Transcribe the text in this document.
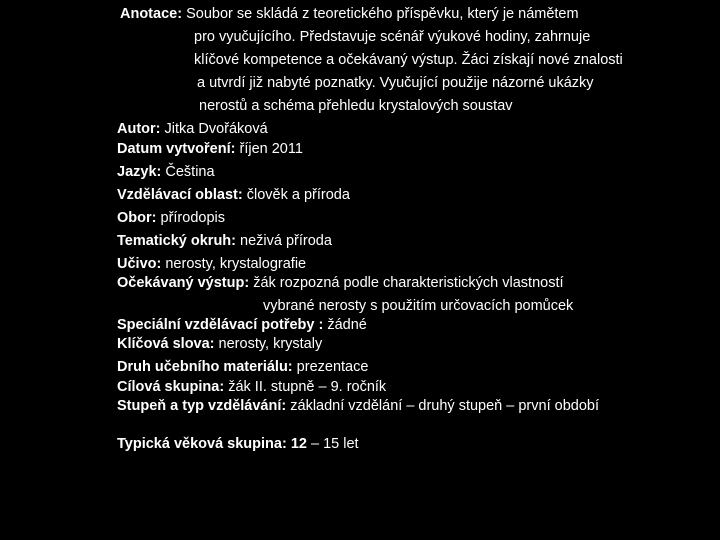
Anotace: Soubor se skládá z teoretického příspěvku, který je námětem
pro vyučujícího. Představuje scénář výukové hodiny, zahrnuje
klíčové kompetence a očekávaný výstup. Žáci získají nové znalosti
a utvrdí již nabyté poznatky. Vyučující použije názorné ukázky
nerostů a schéma přehledu krystalových soustav
Autor: Jitka Dvořáková
Datum vytvoření: říjen 2011
Jazyk: Čeština
Vzdělávací oblast: člověk a příroda
Obor: přírodopis
Tematický okruh: neživá příroda
Učivo: nerosty, krystalografie
Očekávaný výstup: žák rozpozná podle charakteristických vlastností
vybrané nerosty s použitím určovacích pomůcek
Speciální vzdělávací potřeby : žádné
Klíčová slova: nerosty, krystaly
Druh učebního materiálu: prezentace
Cílová skupina: žák II. stupně – 9. ročník
Stupeň a typ vzdělávání: základní vzdělání – druhý stupeň – první období
Typická věková skupina: 12 – 15 let
